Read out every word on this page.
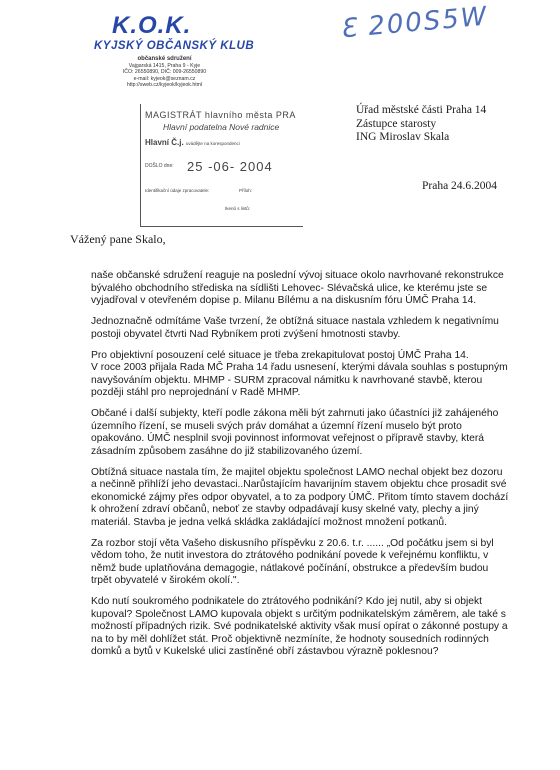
K.O.K.
KYJSKÝ OBČANSKÝ KLUB
občanské sdružení
Vajgarská 1415, Praha 9 - Kyje
IČO: 26550890, DIČ: 009-26550890
e-mail: kyjeok@seznam.cz
http://sweb.cz/kyjeok/kyjeok.html
Ɛ 200S5W
MAGISTRÁT hlavního města PRA
Hlavní podatelna Nové radnice
Hlavní Č.j. uvádějte na korespondenci
DOŠLO dne: 25 -06- 2004
Identifikační údaje zpracovatele:	Příloh:
Ikenů s listů:
Úřad městské části Praha 14
Zástupce starosty
ING Miroslav Skala
Praha 24.6.2004
Vážený pane Skalo,

naše občanské sdružení reaguje na poslední vývoj situace okolo navrhované rekonstrukce bývalého obchodního střediska na sídlišti Lehovec- Slévačská ulice, ke kterému jste se vyjadřoval v otevřeném dopise p. Milanu Bílému a na diskusním fóru ÚMČ Praha 14.

Jednoznačně odmítáme Vaše tvrzení, že obtížná situace nastala vzhledem k negativnímu postoji obyvatel čtvrti Nad Rybníkem proti zvýšení hmotnosti stavby.

Pro objektivní posouzení celé situace je třeba zrekapitulovat postoj ÚMČ Praha 14.
V roce 2003 přijala Rada MČ Praha 14 řadu usnesení, kterými dávala souhlas s postupným navyšováním objektu. MHMP - SURM zpracoval námitku k navrhované stavbě, kterou později stáhl pro neprojednání v Radě MHMP.

Občané i další subjekty, kteří podle zákona měli být zahrnuti jako účastníci již zahájeného územního řízení, se museli svých práv domáhat a územní řízení muselo být proto opakováno. ÚMČ nesplnil svoji povinnost informovat veřejnost o přípravě stavby, která zásadním způsobem zasáhne do již stabilizovaného území.

Obtížná situace nastala tím, že majitel objektu společnost LAMO nechal objekt bez dozoru a nečinně přihlíží jeho devastaci..Narůstajícím havarijním stavem objektu chce prosadit své ekonomické zájmy přes odpor obyvatel, a to za podpory ÚMČ. Přitom tímto stavem dochází k ohrožení zdraví občanů, neboť ze stavby odpadávají kusy skelné vaty, plechy a jiný materiál. Stavba je jedna velká skládka zakládající možnost množení potkanů.

Za rozbor stojí věta Vašeho diskusního příspěvku z 20.6. t.r. ...... „Od počátku jsem si byl vědom toho, že nutit investora do ztrátového podnikání povede k veřejnému konfliktu, v němž bude uplatňována demagogie, nátlakové počínání, obstrukce a především budou trpět obyvatelé v širokém okolí.".

Kdo nutí soukromého podnikatele do ztrátového podnikání? Kdo jej nutil, aby si objekt kupoval? Společnost LAMO kupovala objekt s určitým podnikatelským záměrem, ale také s možností případných rizik. Své podnikatelské aktivity však musí opírat o zákonné postupy a na to by měl dohlížet stát. Proč objektivně nezmíníte, že hodnoty sousedních rodinných domků a bytů v Kukelské ulici zastíněné obří zástavbou výrazně poklesnou?
